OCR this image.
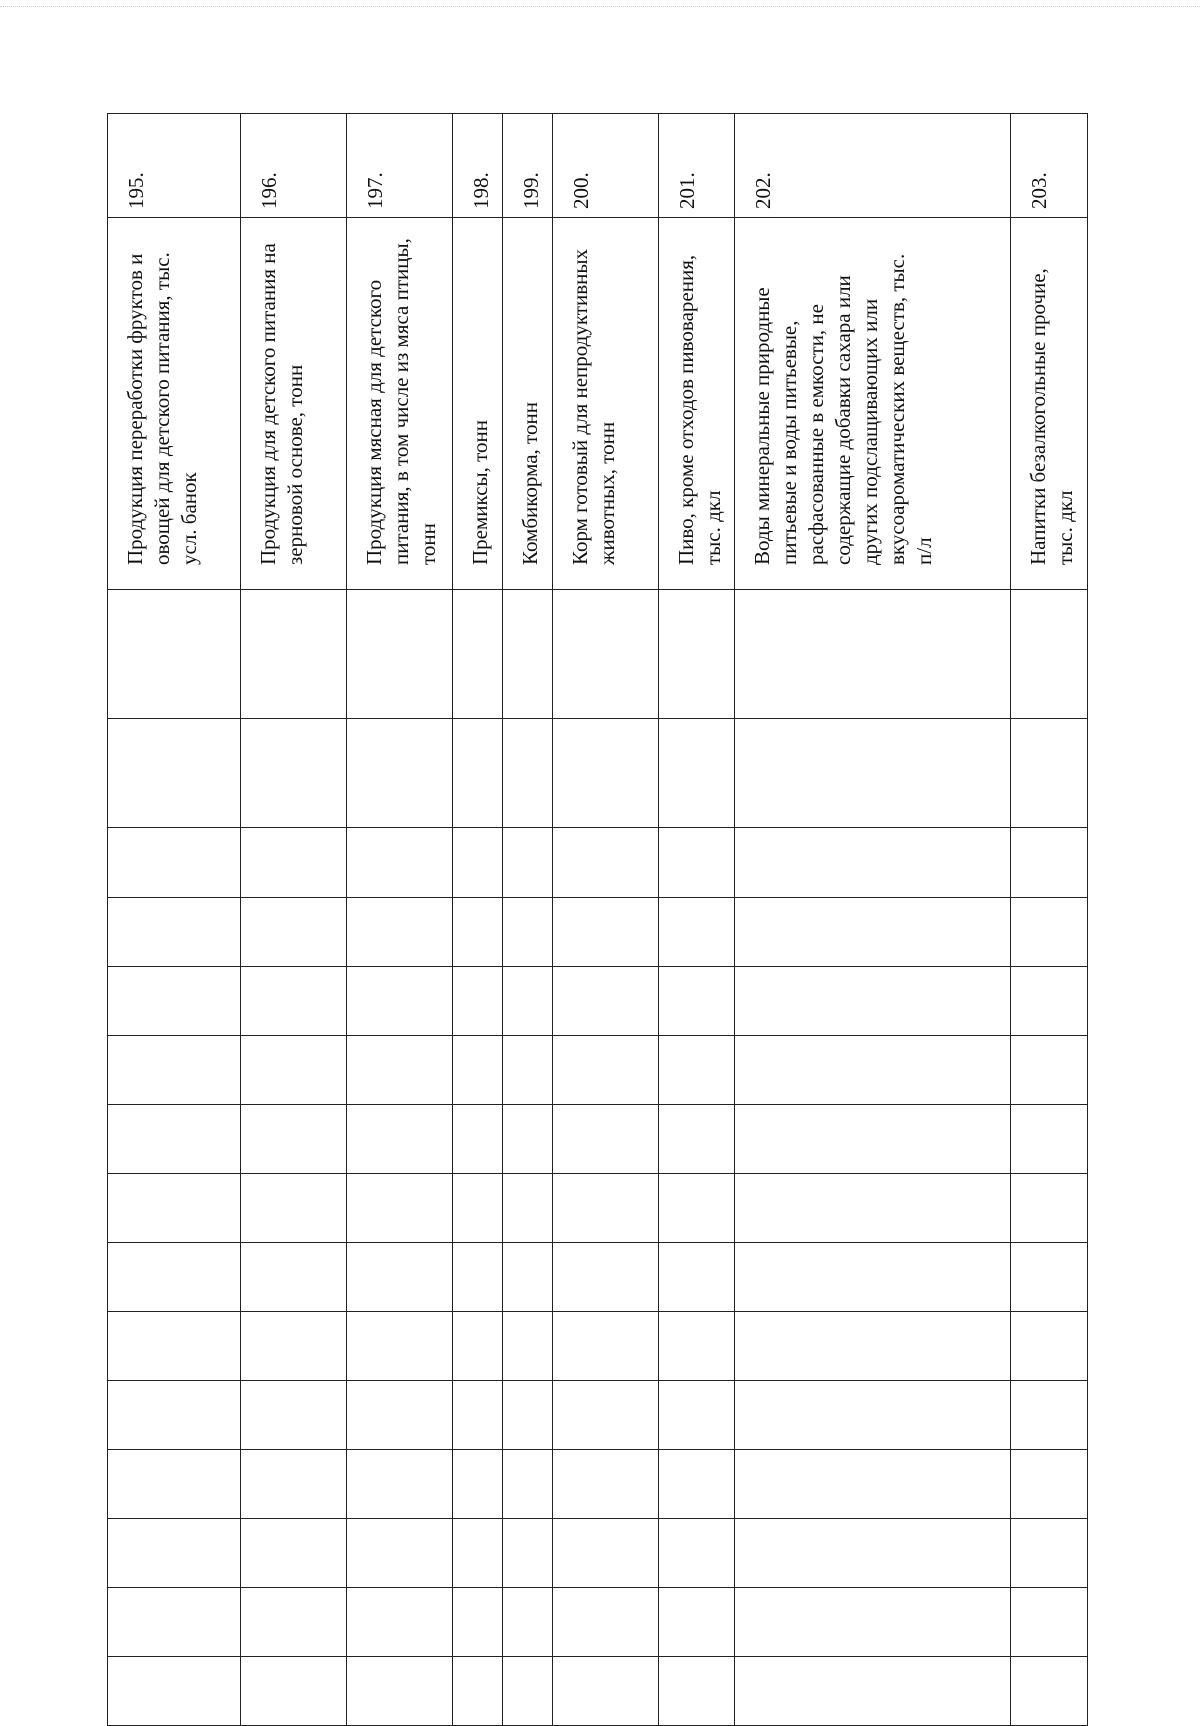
195.	196.	197.	198.	199.	200.	201.	202.	203.

Продукция переработки фруктов и овощей для детского питания, тыс. усл. банок	Продукция для детского питания на зерновой основе, тонн	Продукция мясная для детского питания, в том числе из мяса птицы, тонн	Премиксы, тонн	Комбикорма, тонн	Корм готовый для непродуктивных животных, тонн	Пиво, кроме отходов пивоварения, тыс. дкл	Воды минеральные природные питьевые и воды питьевые, расфасованные в емкости, не содержащие добавки сахара или других подслащивающих или вкусоароматических веществ, тыс. п/л	Напитки безалкогольные прочие, тыс. дкл
